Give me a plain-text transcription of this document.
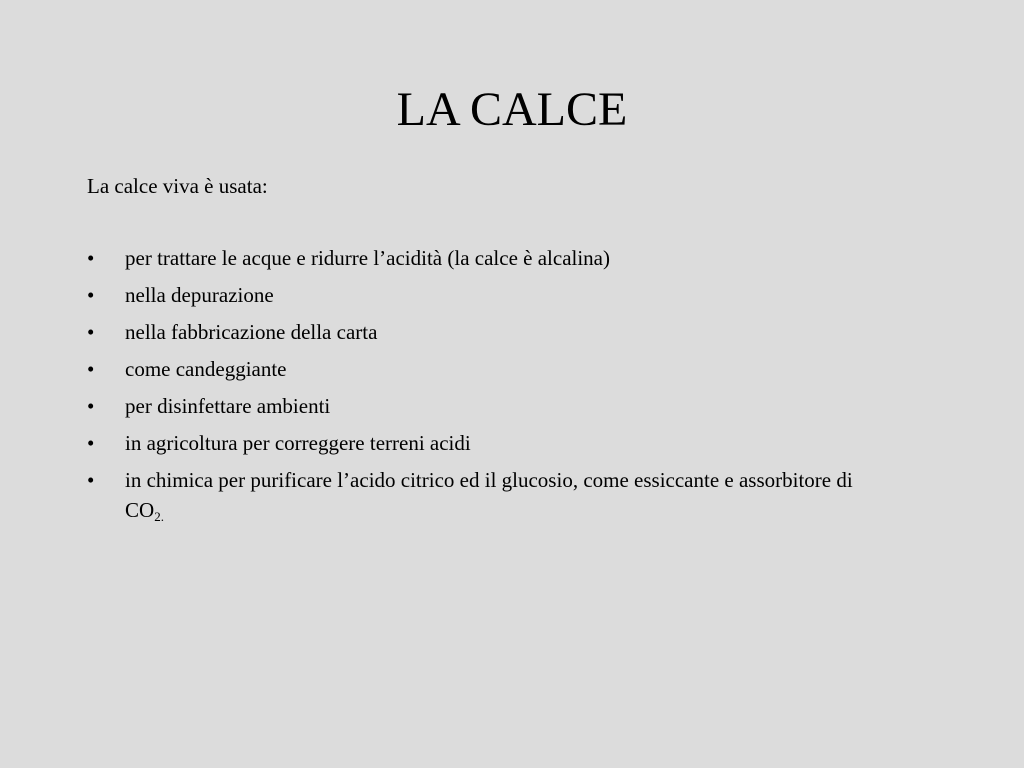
LA CALCE

La calce viva è usata:

•	per trattare le acque e ridurre l’acidità (la calce è alcalina)
•	nella depurazione
•	nella fabbricazione della carta
•	come candeggiante
•	per disinfettare ambienti
•	in agricoltura per correggere terreni acidi
•	in chimica per purificare l’acido citrico ed il glucosio, come essiccante e assorbitore di $CO_{2.}$
